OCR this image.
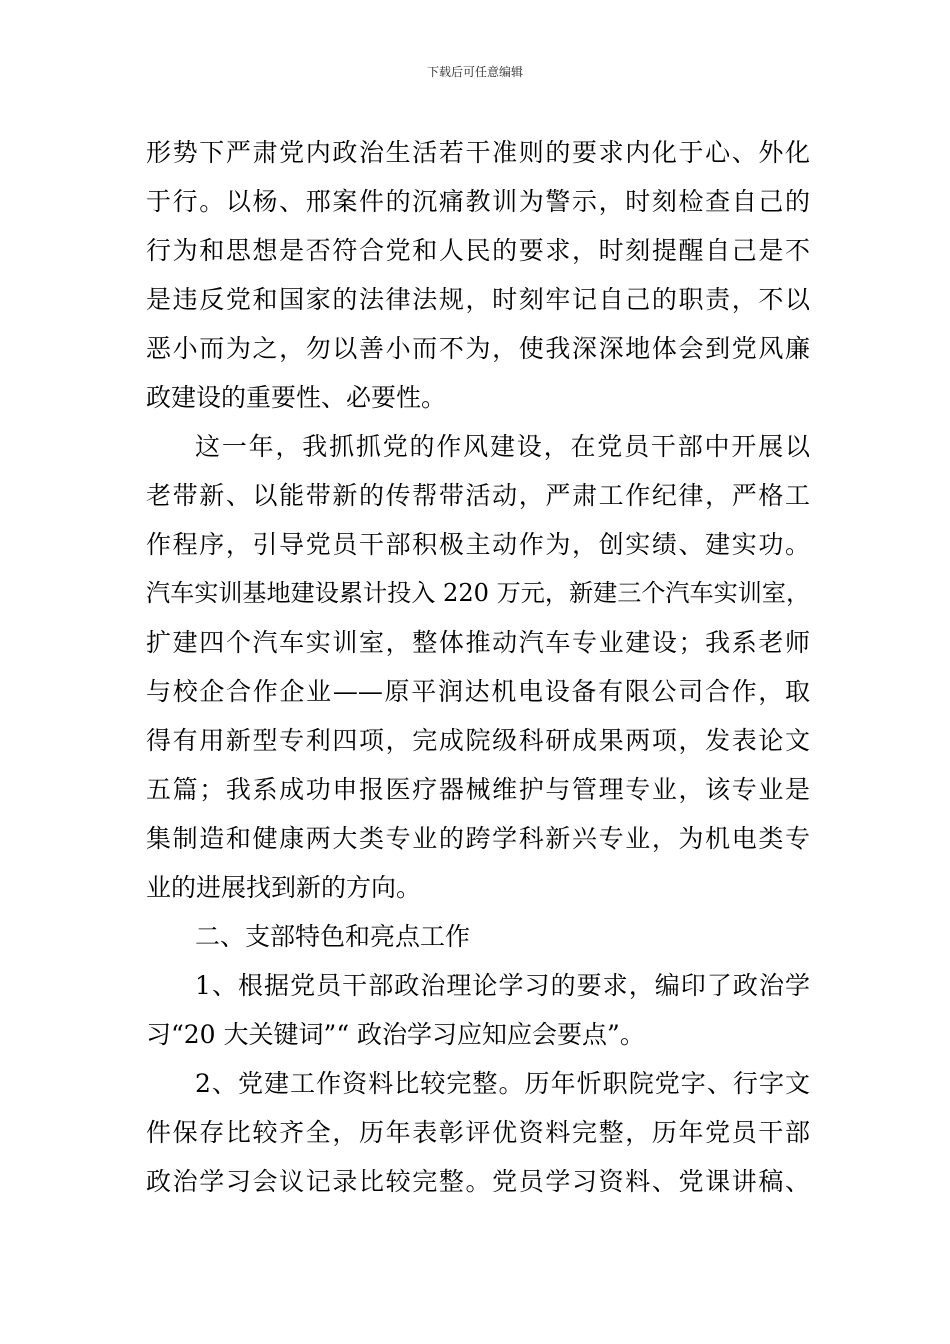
下载后可任意编辑
形势下严肃党内政治生活若干准则的要求内化于心、外化
于行。以杨、邢案件的沉痛教训为警示，时刻检查自己的
行为和思想是否符合党和人民的要求，时刻提醒自己是不
是违反党和国家的法律法规，时刻牢记自己的职责，不以
恶小而为之，勿以善小而不为，使我深深地体会到党风廉
政建设的重要性、必要性。
这一年，我抓抓党的作风建设，在党员干部中开展以
老带新、以能带新的传帮带活动，严肃工作纪律，严格工
作程序，引导党员干部积极主动作为，创实绩、建实功。
汽车实训基地建设累计投入 220 万元，新建三个汽车实训室，
扩建四个汽车实训室，整体推动汽车专业建设；我系老师
与校企合作企业——原平润达机电设备有限公司合作，取
得有用新型专利四项，完成院级科研成果两项，发表论文
五篇；我系成功申报医疗器械维护与管理专业，该专业是
集制造和健康两大类专业的跨学科新兴专业，为机电类专
业的进展找到新的方向。
二、支部特色和亮点工作
1、根据党员干部政治理论学习的要求，编印了政治学
习“20 大关键词”“ 政治学习应知应会要点”。
2、党建工作资料比较完整。历年忻职院党字、行字文
件保存比较齐全，历年表彰评优资料完整，历年党员干部
政治学习会议记录比较完整。党员学习资料、党课讲稿、
